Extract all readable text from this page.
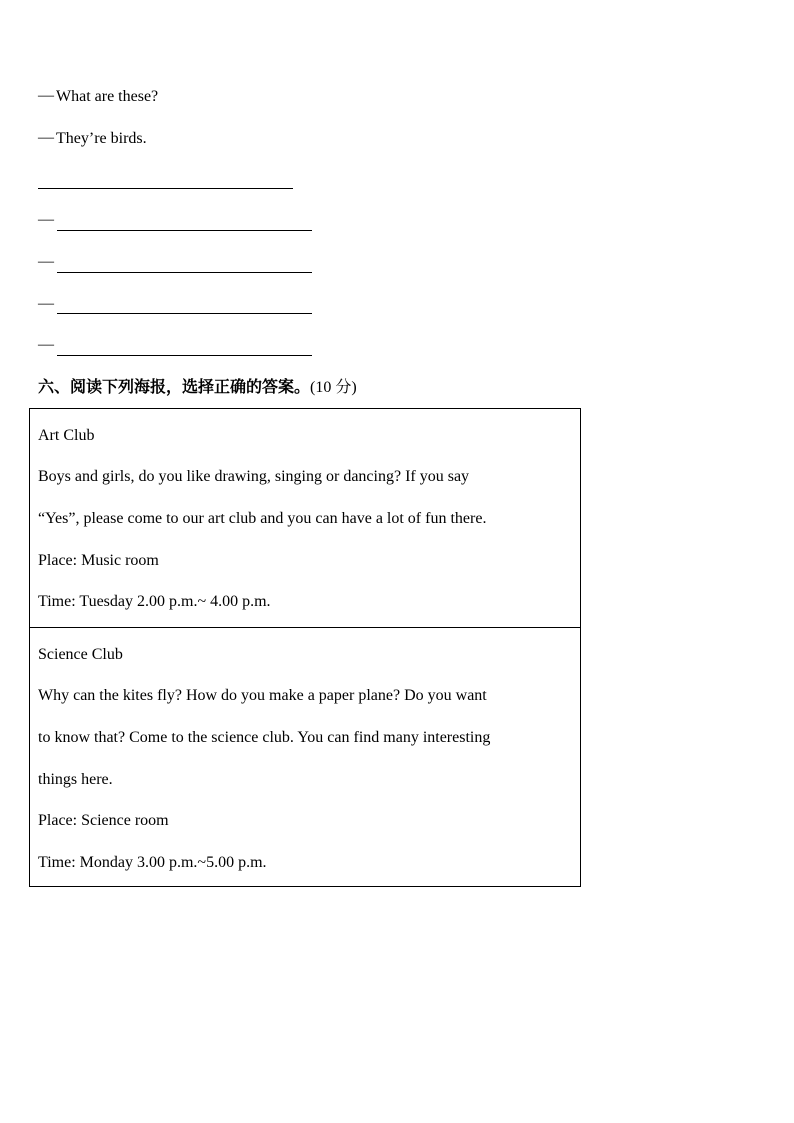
— What are these?
— They’re birds.
—
—
—
—
六、阅读下列海报，选择正确的答案。(10 分)
Art Club
Boys and girls, do you like drawing, singing or dancing? If you say
“Yes”, please come to our art club and you can have a lot of fun there.
Place: Music room
Time: Tuesday 2.00 p.m.~ 4.00 p.m.
Science Club
Why can the kites fly? How do you make a paper plane? Do you want
to know that? Come to the science club. You can find many interesting
things here.
Place: Science room
Time: Monday 3.00 p.m.~5.00 p.m.
